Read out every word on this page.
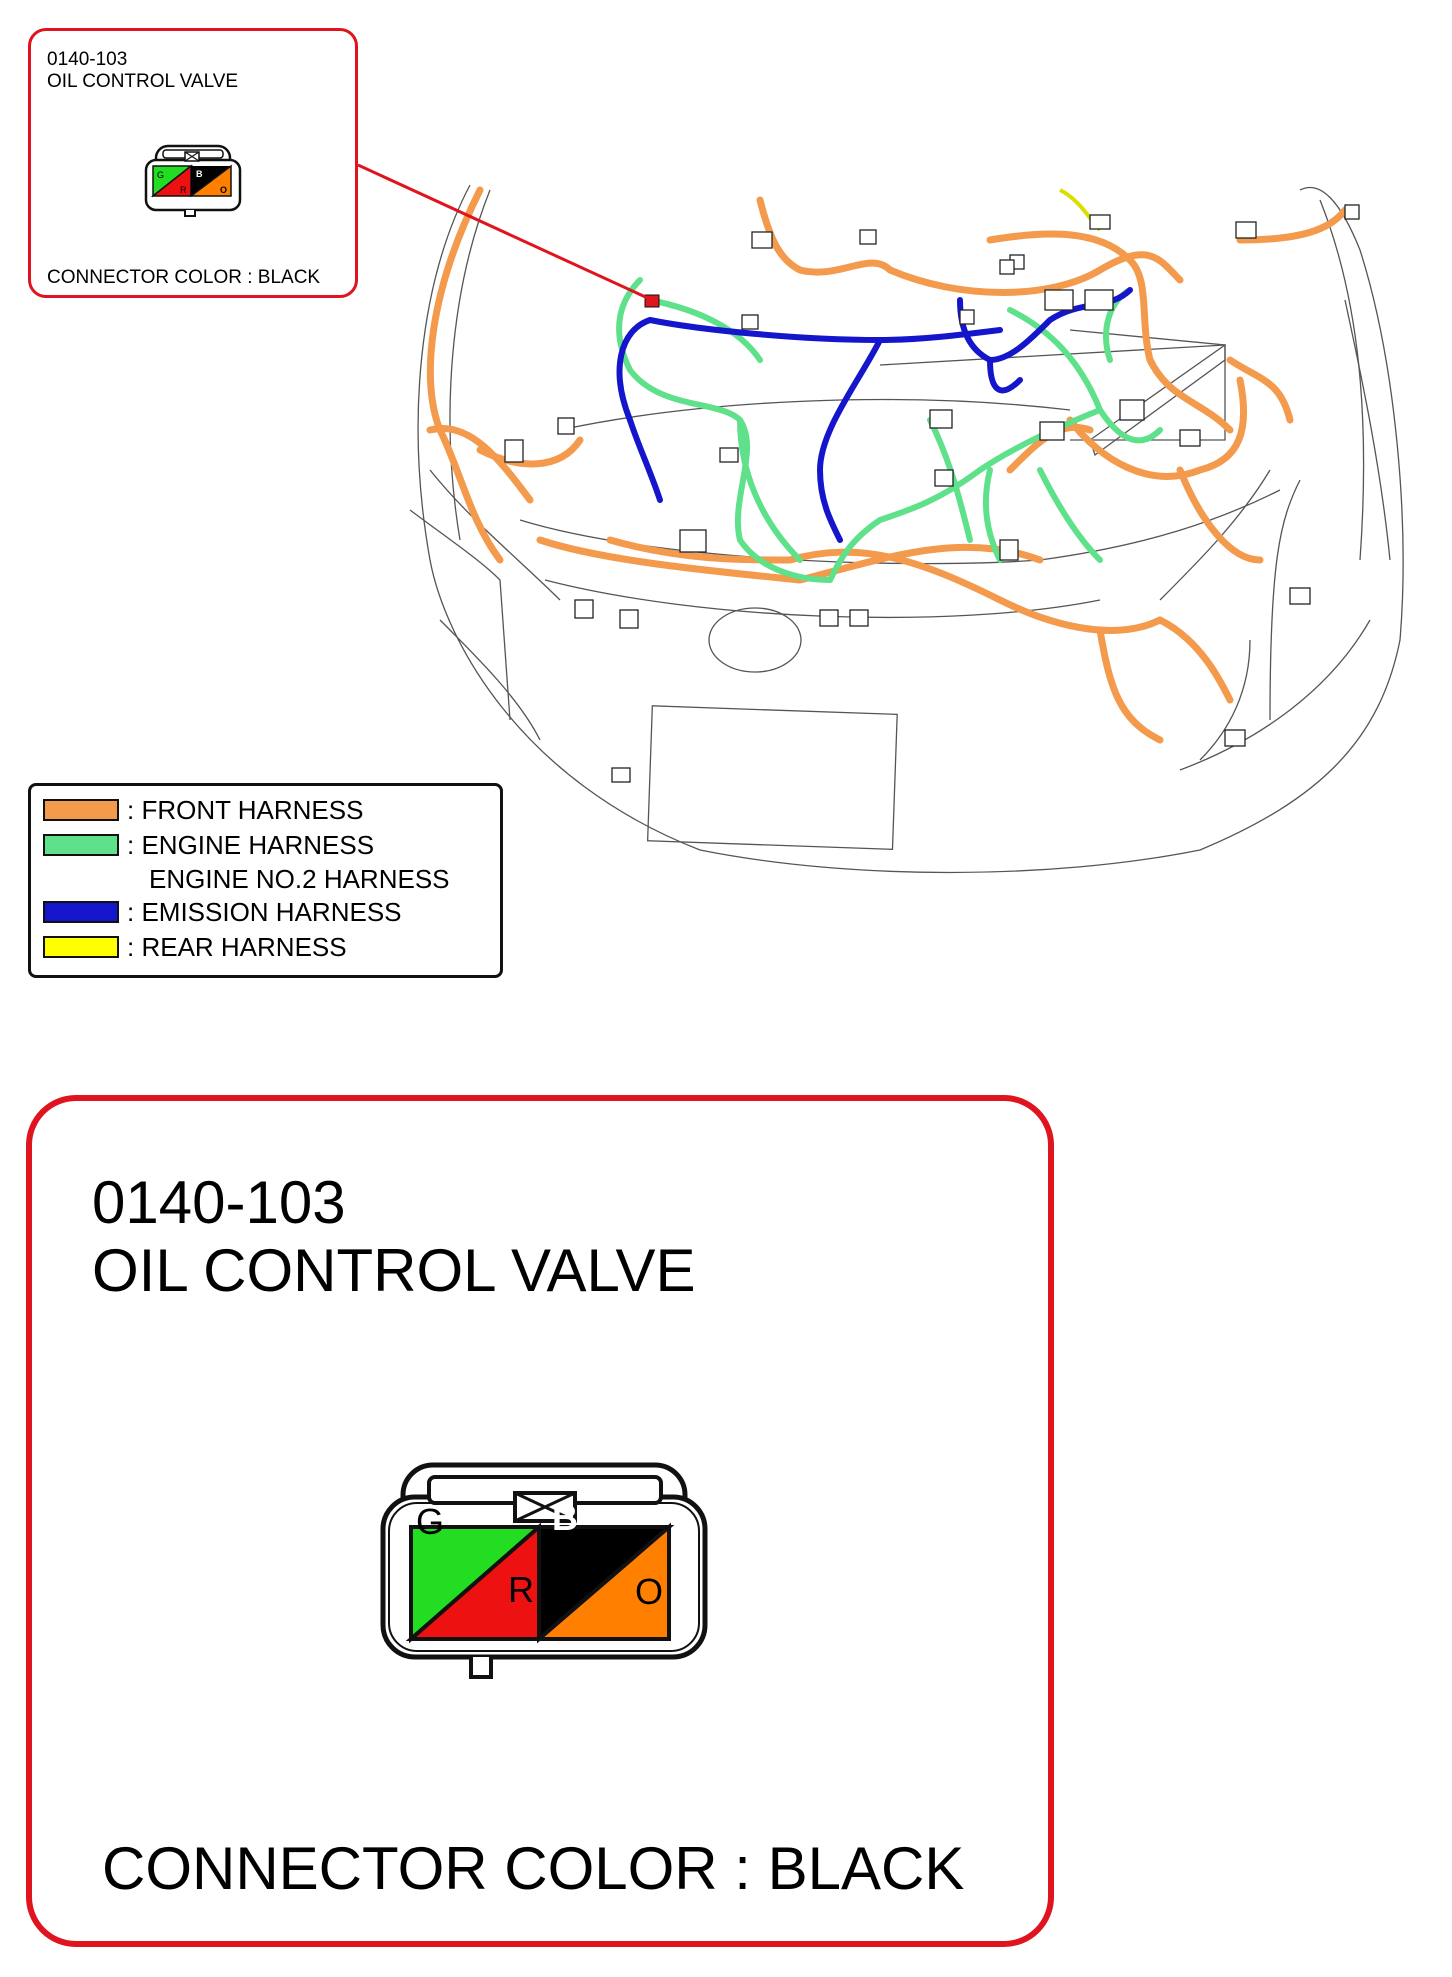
0140-103
OIL CONTROL VALVE
G
R
B
O
CONNECTOR COLOR : BLACK
: FRONT HARNESS
: ENGINE HARNESS
ENGINE NO.2 HARNESS
: EMISSION HARNESS
: REAR HARNESS
0140-103
OIL CONTROL VALVE
G
R
B
O
CONNECTOR COLOR : BLACK
